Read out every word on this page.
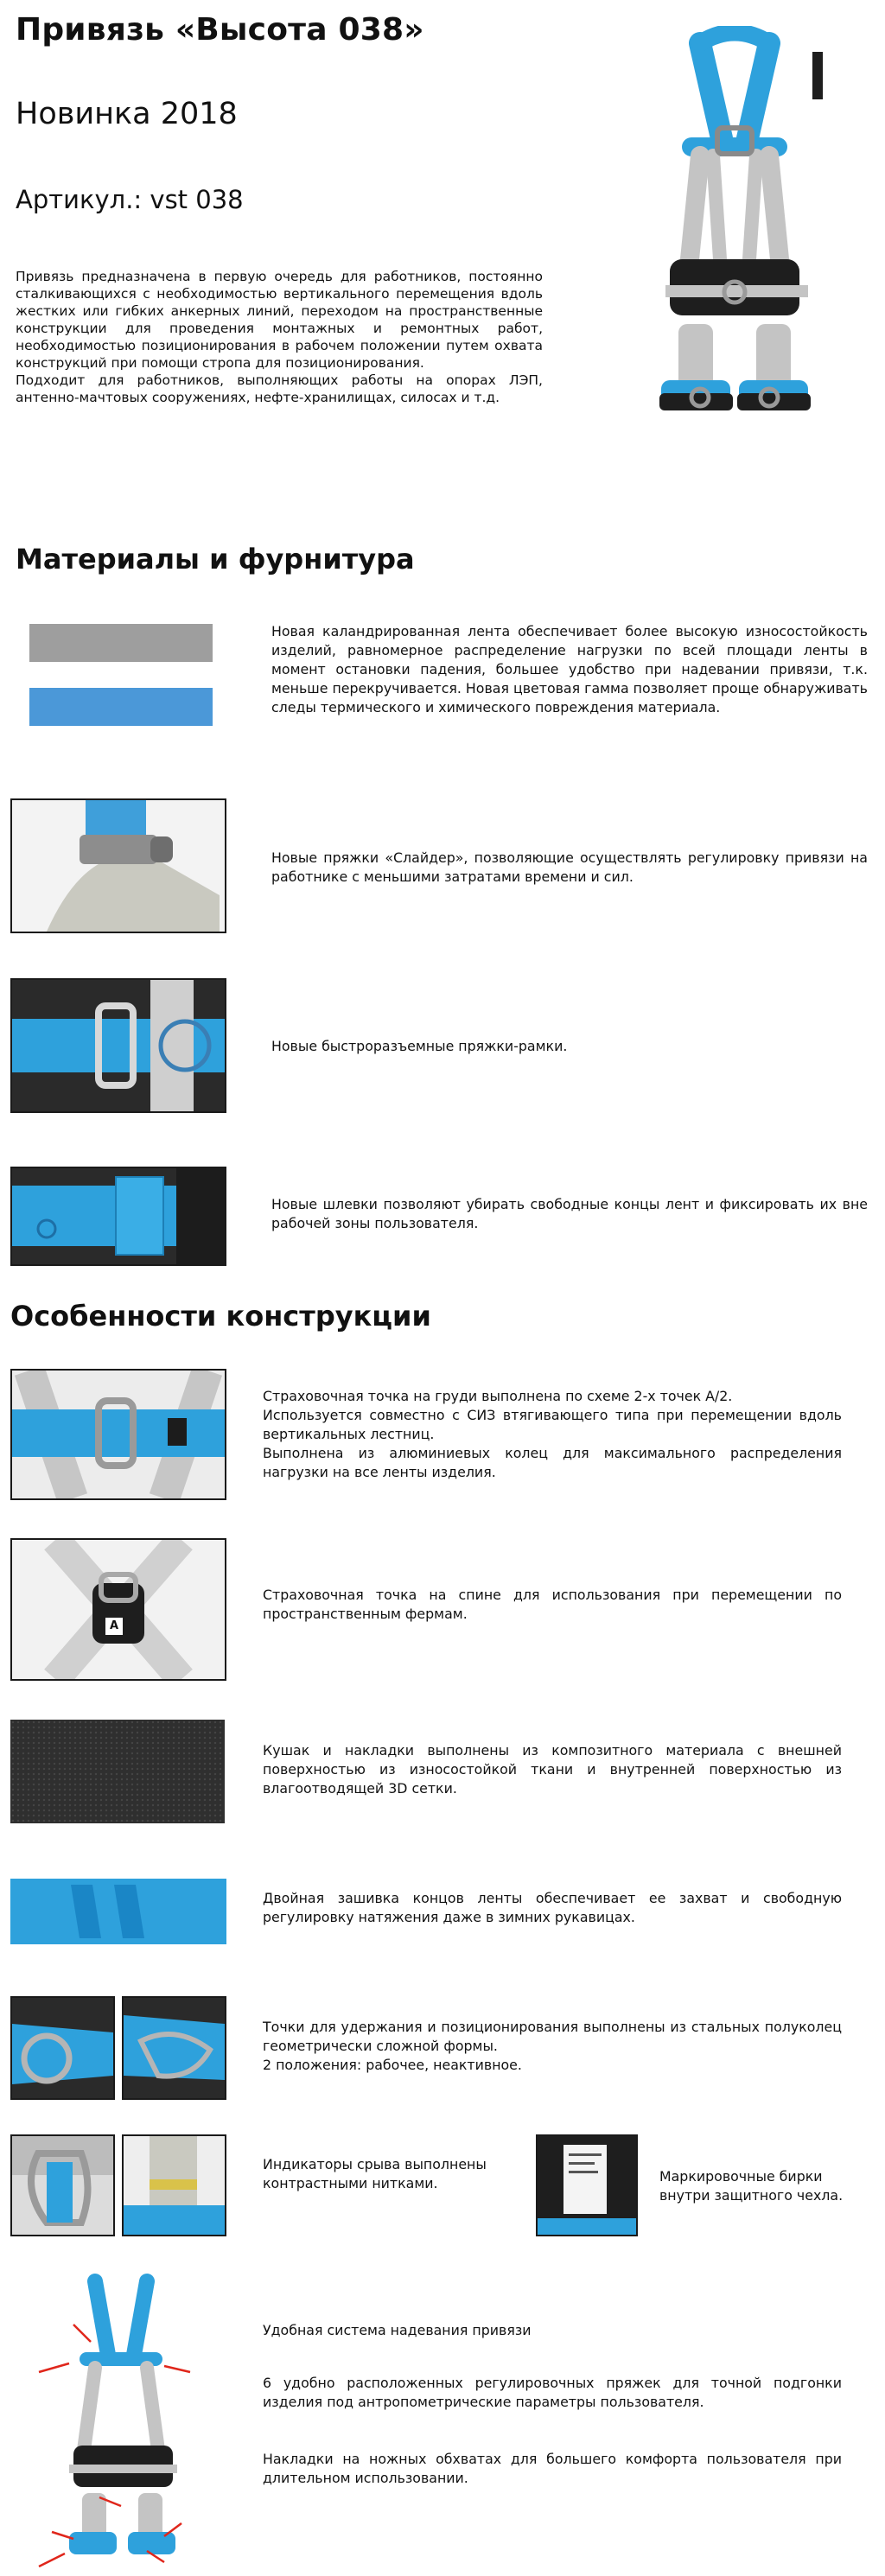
Привязь «Высота 038»
Новинка 2018
Артикул.: vst 038

Привязь предназначена в первую очередь для работников, постоянно сталкивающихся с необходимостью вертикального перемещения вдоль жестких или гибких анкерных линий, переходом на пространственные конструкции для проведения монтажных и ремонтных работ, необходимостью позиционирования в рабочем положении путем охвата конструкций при помощи стропа для позиционирования.

Подходит для работников, выполняющих работы на опорах ЛЭП, антенно-мачтовых сооружениях, нефте-хранилищах, силосах и т.д.

Материалы и фурнитура
Новая каландрированная лента обеспечивает более высокую износостойкость изделий, равномерное распределение нагрузки по всей площади ленты в момент остановки падения, большее удобство при надевании привязи, т.к. меньше перекручивается. Новая цветовая гамма позволяет проще обнаруживать следы термического и химического повреждения материала.
Новые пряжки «Слайдер», позволяющие осуществлять регулировку привязи на работнике с меньшими затратами времени и сил.
Новые быстроразъемные пряжки-рамки.
Новые шлевки позволяют убирать свободные концы лент и фиксировать их вне рабочей зоны пользователя.
Особенности конструкции

Страховочная точка на груди выполнена по схеме 2-х точек А/2.

Используется совместно с СИЗ втягивающего типа при перемещении вдоль вертикальных лестниц.

Выполнена из алюминиевых колец для максимального распределения нагрузки на все ленты изделия.

A
Страховочная точка на спине для использования при перемещении по пространственным фермам.
Кушак и накладки выполнены из композитного материала с внешней поверхностью из износостойкой ткани и внутренней поверхностью из влагоотводящей 3D сетки.
Двойная зашивка концов ленты обеспечивает ее захват и свободную регулировку натяжения даже в зимних рукавицах.

Точки для удержания и позиционирования выполнены из стальных полуколец геометрически сложной формы.

2 положения: рабочее, неактивное.

Индикаторы срыва выполнены контрастными нитками.	Маркировочные бирки внутри защитного чехла.
Удобная система надевания привязи
6 удобно расположенных регулировочных пряжек для точной подгонки изделия под антропометрические параметры пользователя.
Накладки на ножных обхватах для большего комфорта пользователя при длительном использовании.
